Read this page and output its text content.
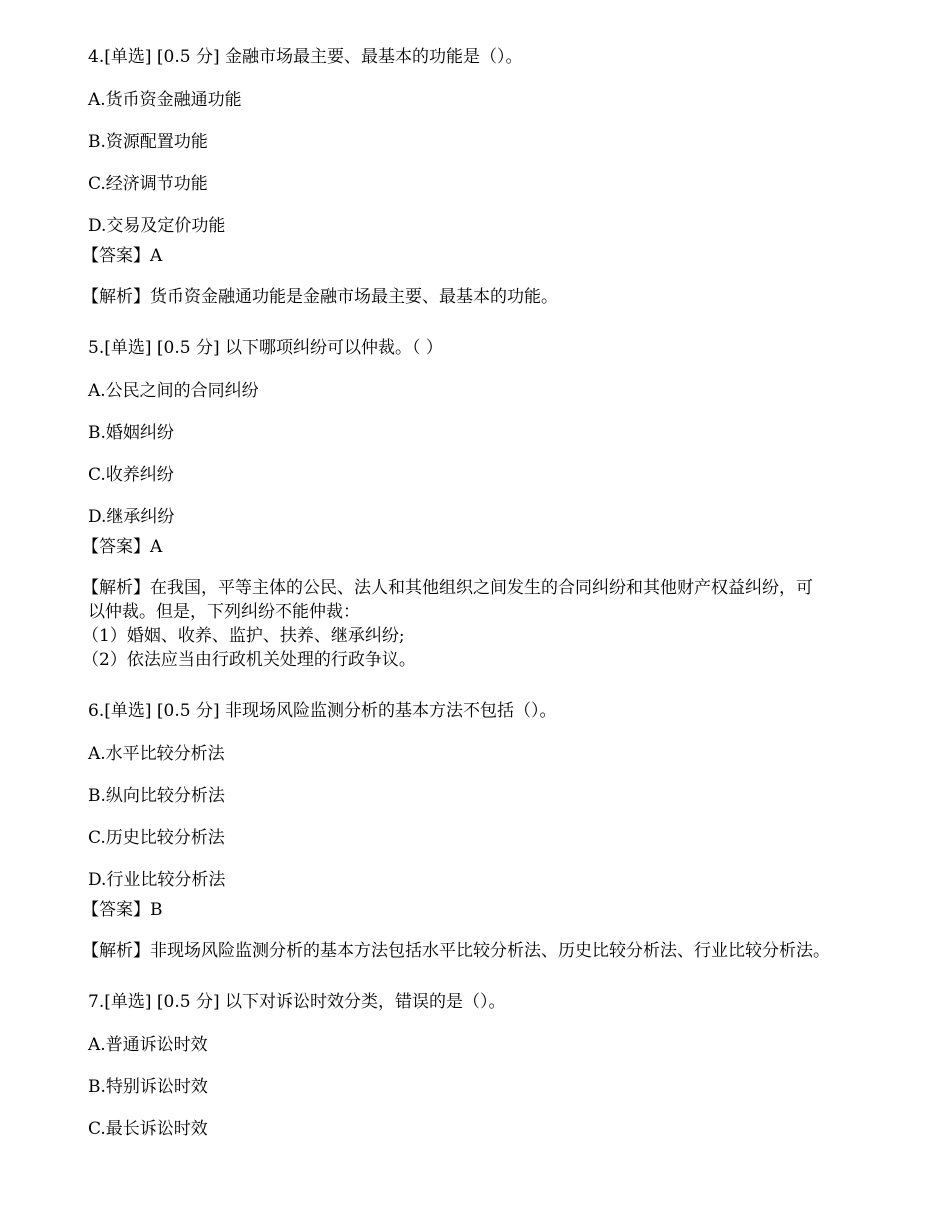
4.[单选] [0.5 分] 金融市场最主要、最基本的功能是（）。
A.货币资金融通功能
B.资源配置功能
C.经济调节功能
D.交易及定价功能
【答案】A
【解析】货币资金融通功能是金融市场最主要、最基本的功能。
5.[单选] [0.5 分] 以下哪项纠纷可以仲裁。（ ）
A.公民之间的合同纠纷
B.婚姻纠纷
C.收养纠纷
D.继承纠纷
【答案】A
【解析】在我国，平等主体的公民、法人和其他组织之间发生的合同纠纷和其他财产权益纠纷，可
以仲裁。但是，下列纠纷不能仲裁：
（1）婚姻、收养、监护、扶养、继承纠纷;
（2）依法应当由行政机关处理的行政争议。
6.[单选] [0.5 分] 非现场风险监测分析的基本方法不包括（）。
A.水平比较分析法
B.纵向比较分析法
C.历史比较分析法
D.行业比较分析法
【答案】B
【解析】非现场风险监测分析的基本方法包括水平比较分析法、历史比较分析法、行业比较分析法。
7.[单选] [0.5 分] 以下对诉讼时效分类，错误的是（）。
A.普通诉讼时效
B.特别诉讼时效
C.最长诉讼时效
